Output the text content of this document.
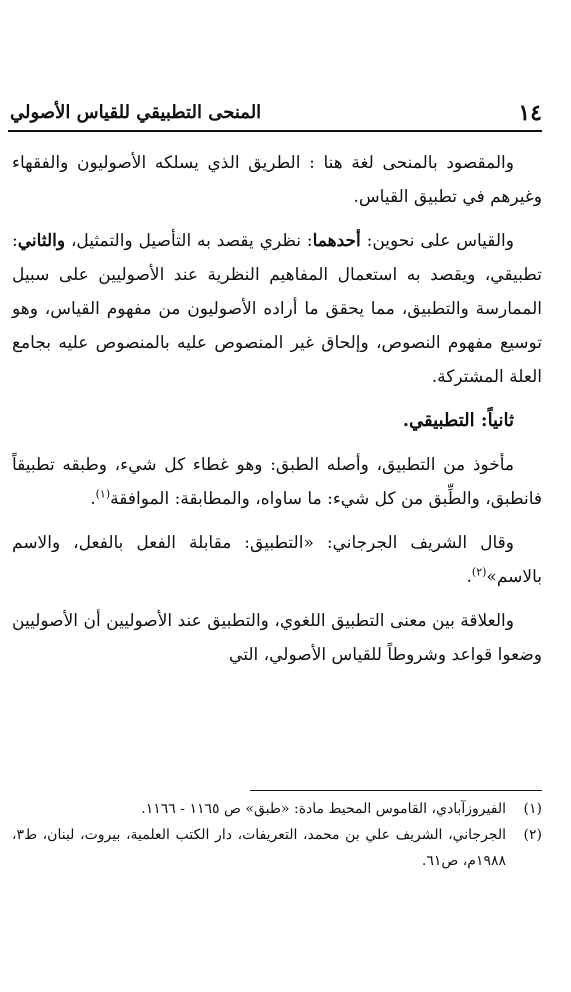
١٤
المنحى التطبيقي للقياس الأصولي

والمقصود بالمنحى لغة هنا : الطريق الذي يسلكه الأصوليون والفقهاء وغيرهم في تطبيق القياس.

والقياس على نحوين: أحدهما: نظري يقصد به التأصيل والتمثيل، والثاني: تطبيقي، ويقصد به استعمال المفاهيم النظرية عند الأصوليين على سبيل الممارسة والتطبيق، مما يحقق ما أراده الأصوليون من مفهوم القياس، وهو توسيع مفهوم النصوص، وإلحاق غير المنصوص عليه بالمنصوص عليه بجامع العلة المشتركة.

ثانياً: التطبيقي.

مأخوذ من التطبيق، وأصله الطبق: وهو غطاء كل شيء، وطبقه تطبيقاً فانطبق، والطِّبق من كل شيء: ما ساواه، والمطابقة: الموافقة$^{(١)}$.

وقال الشريف الجرجاني: «التطبيق: مقابلة الفعل بالفعل، والاسم بالاسم»$^{(٢)}$.

والعلاقة بين معنى التطبيق اللغوي، والتطبيق عند الأصوليين أن الأصوليين وضعوا قواعد وشروطاً للقياس الأصولي، التي

(١)
الفيروزآبادي، القاموس المحيط مادة: «طبق» ص ١١٦٥ - ١١٦٦.

(٢)
الجرجاني، الشريف علي بن محمد، التعريفات، دار الكتب العلمية، بيروت، لبنان، ط٣، ١٩٨٨م، ص٦١.
